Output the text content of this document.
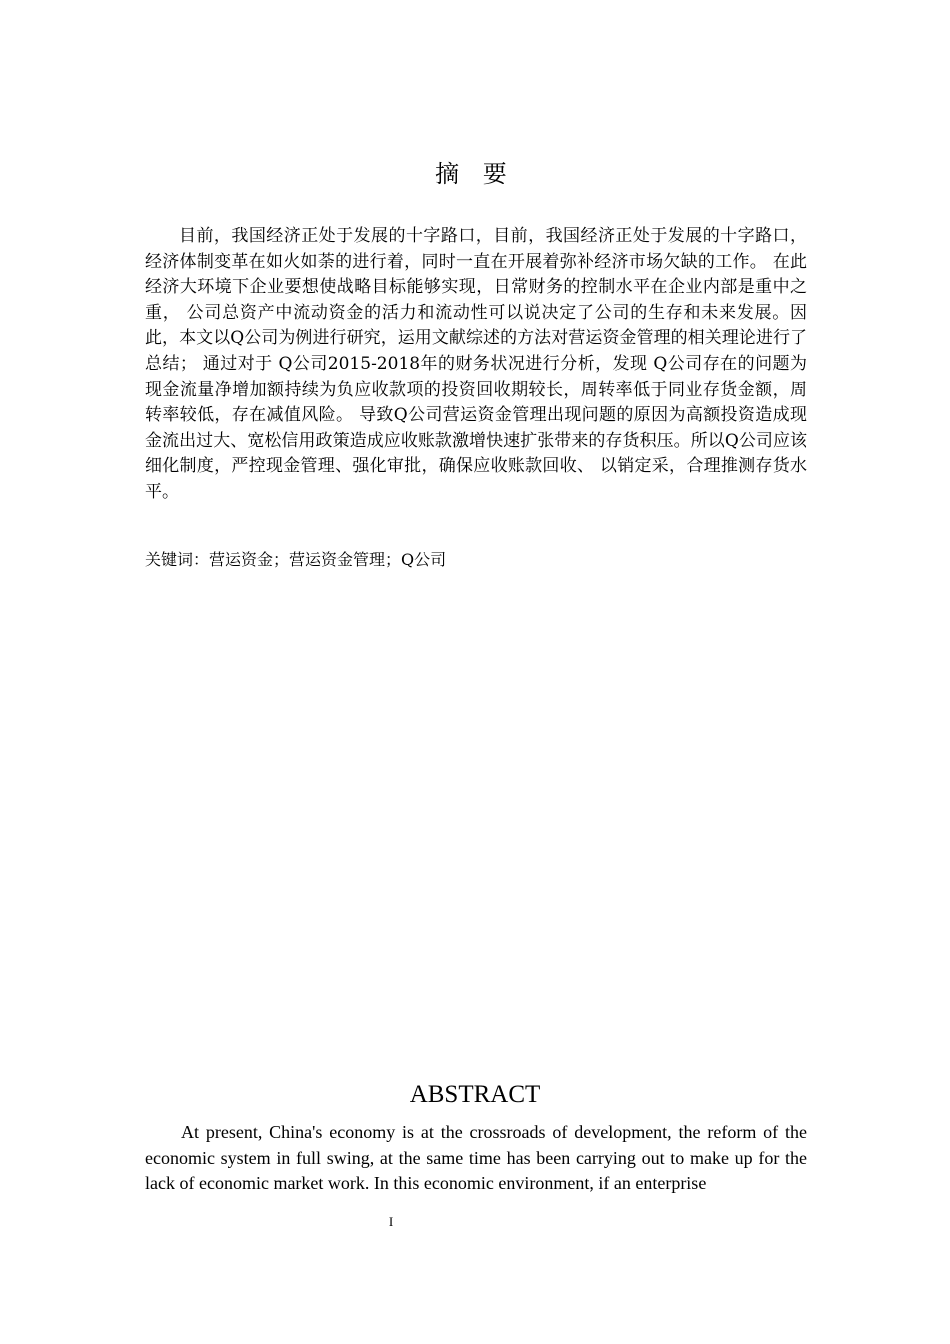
摘 要

目前，我国经济正处于发展的十字路口，目前，我国经济正处于发展的十字路口，经济体制变革在如火如荼的进行着，同时一直在开展着弥补经济市场欠缺的工作。 在此经济大环境下企业要想使战略目标能够实现，日常财务的控制水平在企业内部是重中之重， 公司总资产中流动资金的活力和流动性可以说决定了公司的生存和未来发展。因此，本文以Q公司为例进行研究，运用文献综述的方法对营运资金管理的相关理论进行了总结； 通过对于 Q公司2015-2018年的财务状况进行分析，发现 Q公司存在的问题为现金流量净增加额持续为负应收款项的投资回收期较长，周转率低于同业存货金额，周转率较低，存在减值风险。 导致Q公司营运资金管理出现问题的原因为高额投资造成现金流出过大、宽松信用政策造成应收账款激增快速扩张带来的存货积压。所以Q公司应该细化制度，严控现金管理、强化审批，确保应收账款回收、 以销定采，合理推测存货水平。

关键词：营运资金；营运资金管理；Q公司

ABSTRACT

At present, China's economy is at the crossroads of development, the reform of the economic system in full swing, at the same time has been carrying out to make up for the lack of economic market work. In this economic environment, if an enterprise

I
